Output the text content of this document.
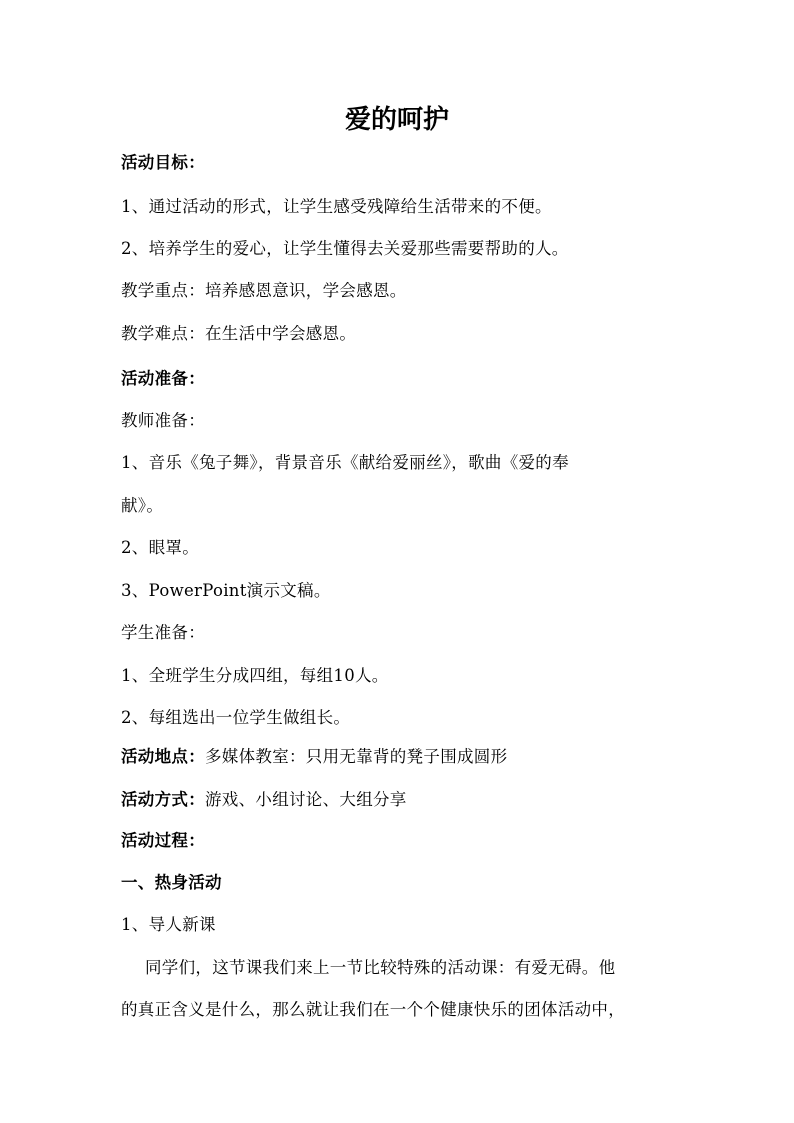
爱的呵护
活动目标：
1、通过活动的形式，让学生感受残障给生活带来的不便。
2、培养学生的爱心，让学生懂得去关爱那些需要帮助的人。
教学重点：培养感恩意识，学会感恩。
教学难点：在生活中学会感恩。
活动准备：
教师准备：
1、音乐《兔子舞》，背景音乐《献给爱丽丝》，歌曲《爱的奉
献》。
2、眼罩。
3、PowerPoint演示文稿。
学生准备：
1、全班学生分成四组，每组10人。
2、每组选出一位学生做组长。
活动地点：多媒体教室：只用无靠背的凳子围成圆形
活动方式：游戏、小组讨论、大组分享
活动过程：
一、热身活动
1、导人新课
同学们，这节课我们来上一节比较特殊的活动课：有爱无碍。他
的真正含义是什么，那么就让我们在一个个健康快乐的团体活动中，
